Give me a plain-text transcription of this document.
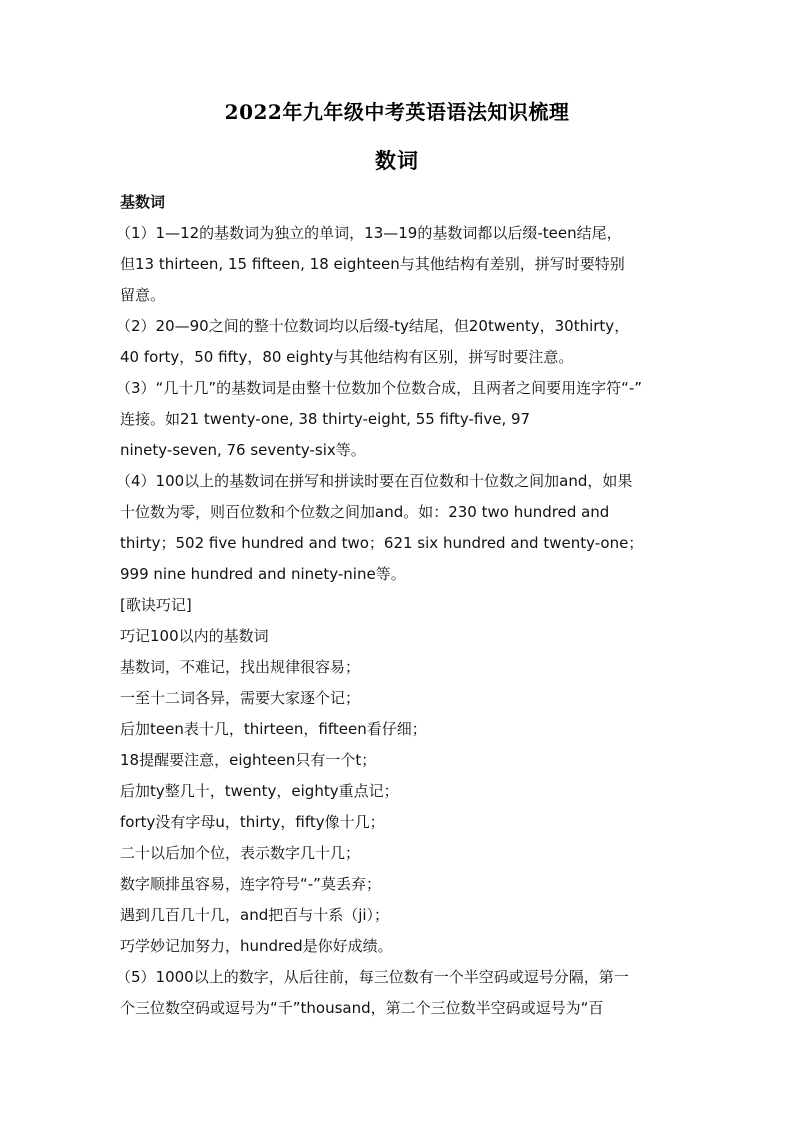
2022年九年级中考英语语法知识梳理
数词
基数词
（1）1—12的基数词为独立的单词，13—19的基数词都以后缀-teen结尾，
但13 thirteen, 15 fifteen, 18 eighteen与其他结构有差别，拼写时要特别
留意。
（2）20—90之间的整十位数词均以后缀-ty结尾，但20twenty，30thirty，
40 forty，50 fifty，80 eighty与其他结构有区别，拼写时要注意。
（3）“几十几”的基数词是由整十位数加个位数合成，且两者之间要用连字符“-”
连接。如21 twenty-one, 38 thirty-eight, 55 fifty-five, 97
ninety-seven, 76 seventy-six等。
（4）100以上的基数词在拼写和拼读时要在百位数和十位数之间加and，如果
十位数为零，则百位数和个位数之间加and。如：230 two hundred and
thirty；502 five hundred and two；621 six hundred and twenty-one；
999 nine hundred and ninety-nine等。
[歌诀巧记]
巧记100以内的基数词
基数词，不难记，找出规律很容易；
一至十二词各异，需要大家逐个记；
后加teen表十几，thirteen，fifteen看仔细；
18提醒要注意，eighteen只有一个t；
后加ty整几十，twenty，eighty重点记；
forty没有字母u，thirty，fifty像十几；
二十以后加个位，表示数字几十几；
数字顺排虽容易，连字符号“-”莫丢弃；
遇到几百几十几，and把百与十系（ji）；
巧学妙记加努力，hundred是你好成绩。
（5）1000以上的数字，从后往前，每三位数有一个半空码或逗号分隔，第一
个三位数空码或逗号为“千”thousand，第二个三位数半空码或逗号为“百
